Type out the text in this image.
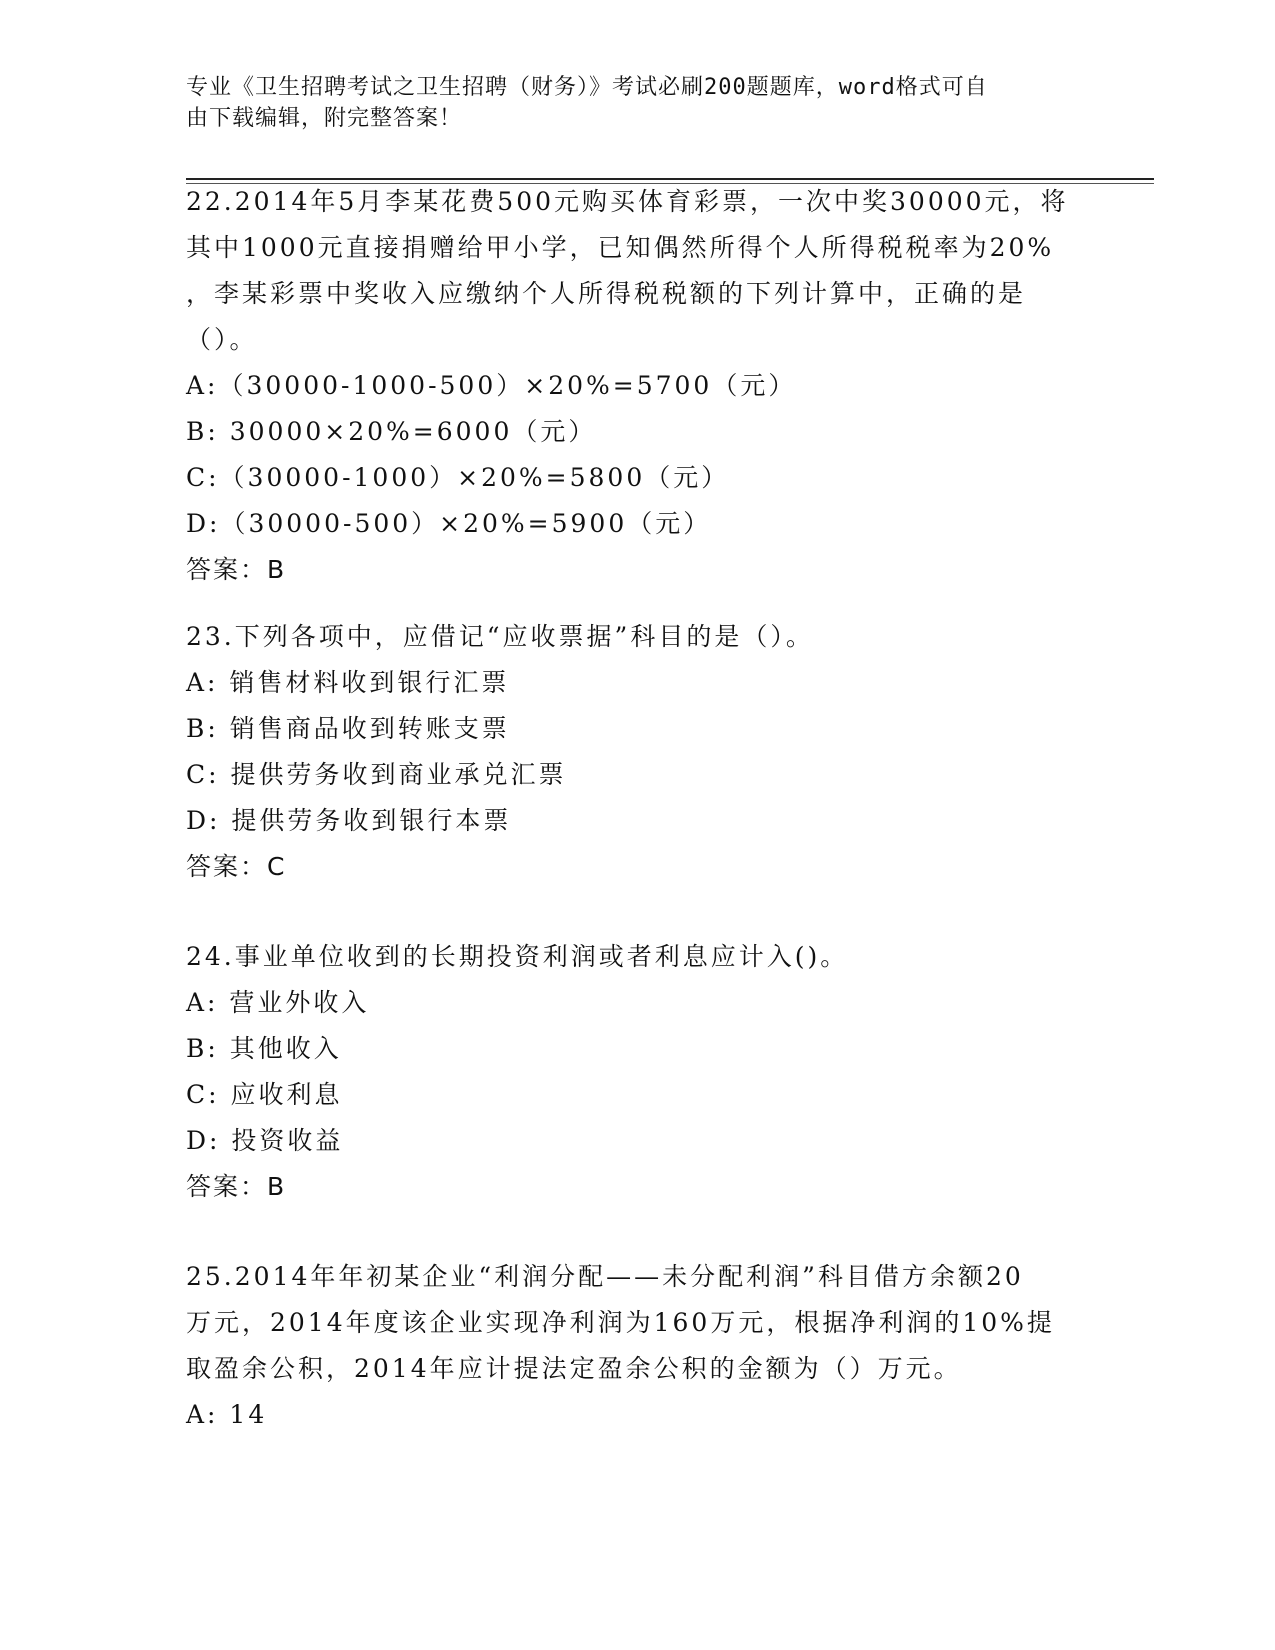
专业《卫生招聘考试之卫生招聘（财务）》考试必刷200题题库，word格式可自
由下载编辑，附完整答案！
22.2014年5月李某花费500元购买体育彩票，一次中奖30000元，将
其中1000元直接捐赠给甲小学，已知偶然所得个人所得税税率为20%
，李某彩票中奖收入应缴纳个人所得税税额的下列计算中，正确的是
（）。
A:（30000-1000-500）×20%=5700（元）
B: 30000×20%=6000（元）
C:（30000-1000）×20%=5800（元）
D:（30000-500）×20%=5900（元）
答案：B
23.下列各项中，应借记“应收票据”科目的是（）。
A: 销售材料收到银行汇票
B: 销售商品收到转账支票
C: 提供劳务收到商业承兑汇票
D: 提供劳务收到银行本票
答案：C
24.事业单位收到的长期投资利润或者利息应计入()。
A: 营业外收入
B: 其他收入
C: 应收利息
D: 投资收益
答案：B
25.2014年年初某企业“利润分配——未分配利润”科目借方余额20
万元，2014年度该企业实现净利润为160万元，根据净利润的10%提
取盈余公积，2014年应计提法定盈余公积的金额为（）万元。
A: 14
